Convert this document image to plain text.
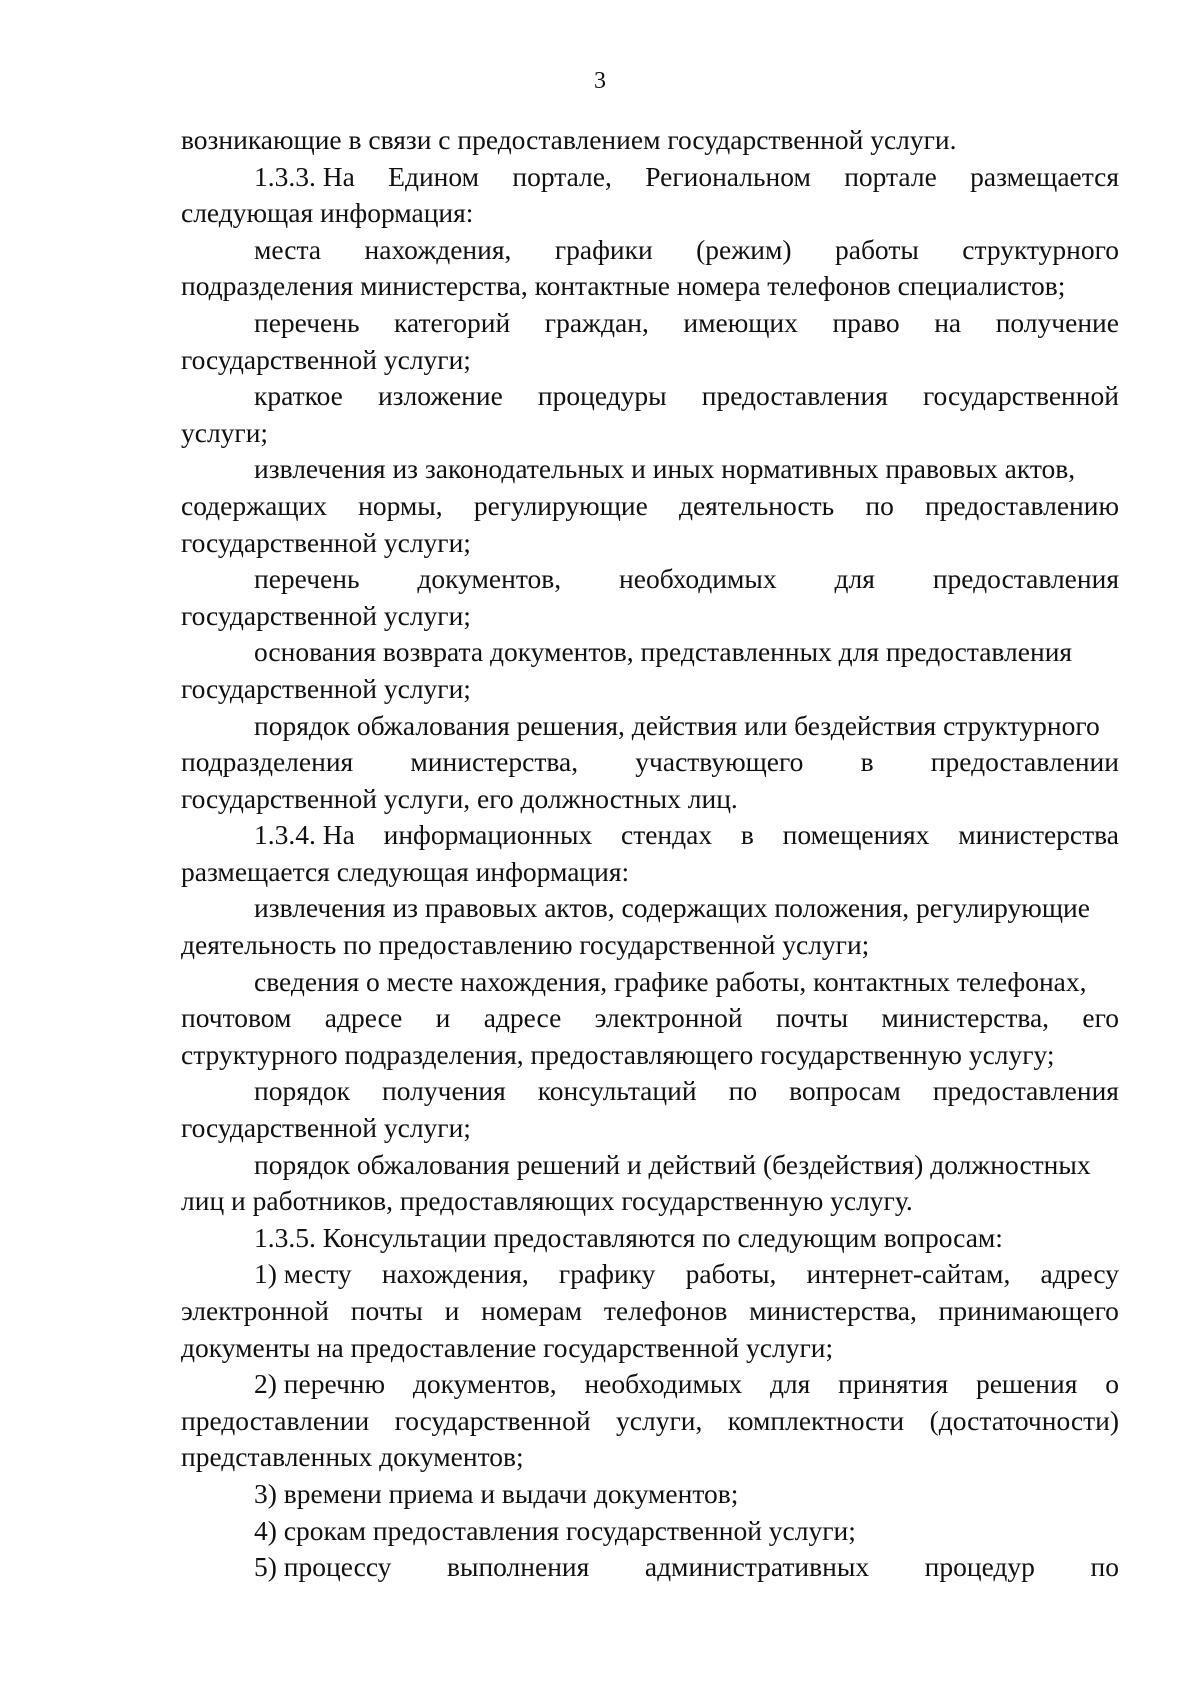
3
возникающие в связи с предоставлением государственной услуги.
1.3.3. На Едином портале, Региональном портале размещается
следующая информация:
места нахождения, графики (режим) работы структурного
подразделения министерства, контактные номера телефонов специалистов;
перечень категорий граждан, имеющих право на получение
государственной услуги;
краткое изложение процедуры предоставления государственной
услуги;
извлечения из законодательных и иных нормативных правовых актов,
содержащих нормы, регулирующие деятельность по предоставлению
государственной услуги;
перечень документов, необходимых для предоставления
государственной услуги;
основания возврата документов, представленных для предоставления
государственной услуги;
порядок обжалования решения, действия или бездействия структурного
подразделения министерства, участвующего в предоставлении
государственной услуги, его должностных лиц.
1.3.4. На информационных стендах в помещениях министерства
размещается следующая информация:
извлечения из правовых актов, содержащих положения, регулирующие
деятельность по предоставлению государственной услуги;
сведения о месте нахождения, графике работы, контактных телефонах,
почтовом адресе и адресе электронной почты министерства, его
структурного подразделения, предоставляющего государственную услугу;
порядок получения консультаций по вопросам предоставления
государственной услуги;
порядок обжалования решений и действий (бездействия) должностных
лиц и работников, предоставляющих государственную услугу.
1.3.5. Консультации предоставляются по следующим вопросам:
1) месту нахождения, графику работы, интернет-сайтам, адресу
электронной почты и номерам телефонов министерства, принимающего
документы на предоставление государственной услуги;
2) перечню документов, необходимых для принятия решения о
предоставлении государственной услуги, комплектности (достаточности)
представленных документов;
3) времени приема и выдачи документов;
4) срокам предоставления государственной услуги;
5) процессу выполнения административных процедур по
